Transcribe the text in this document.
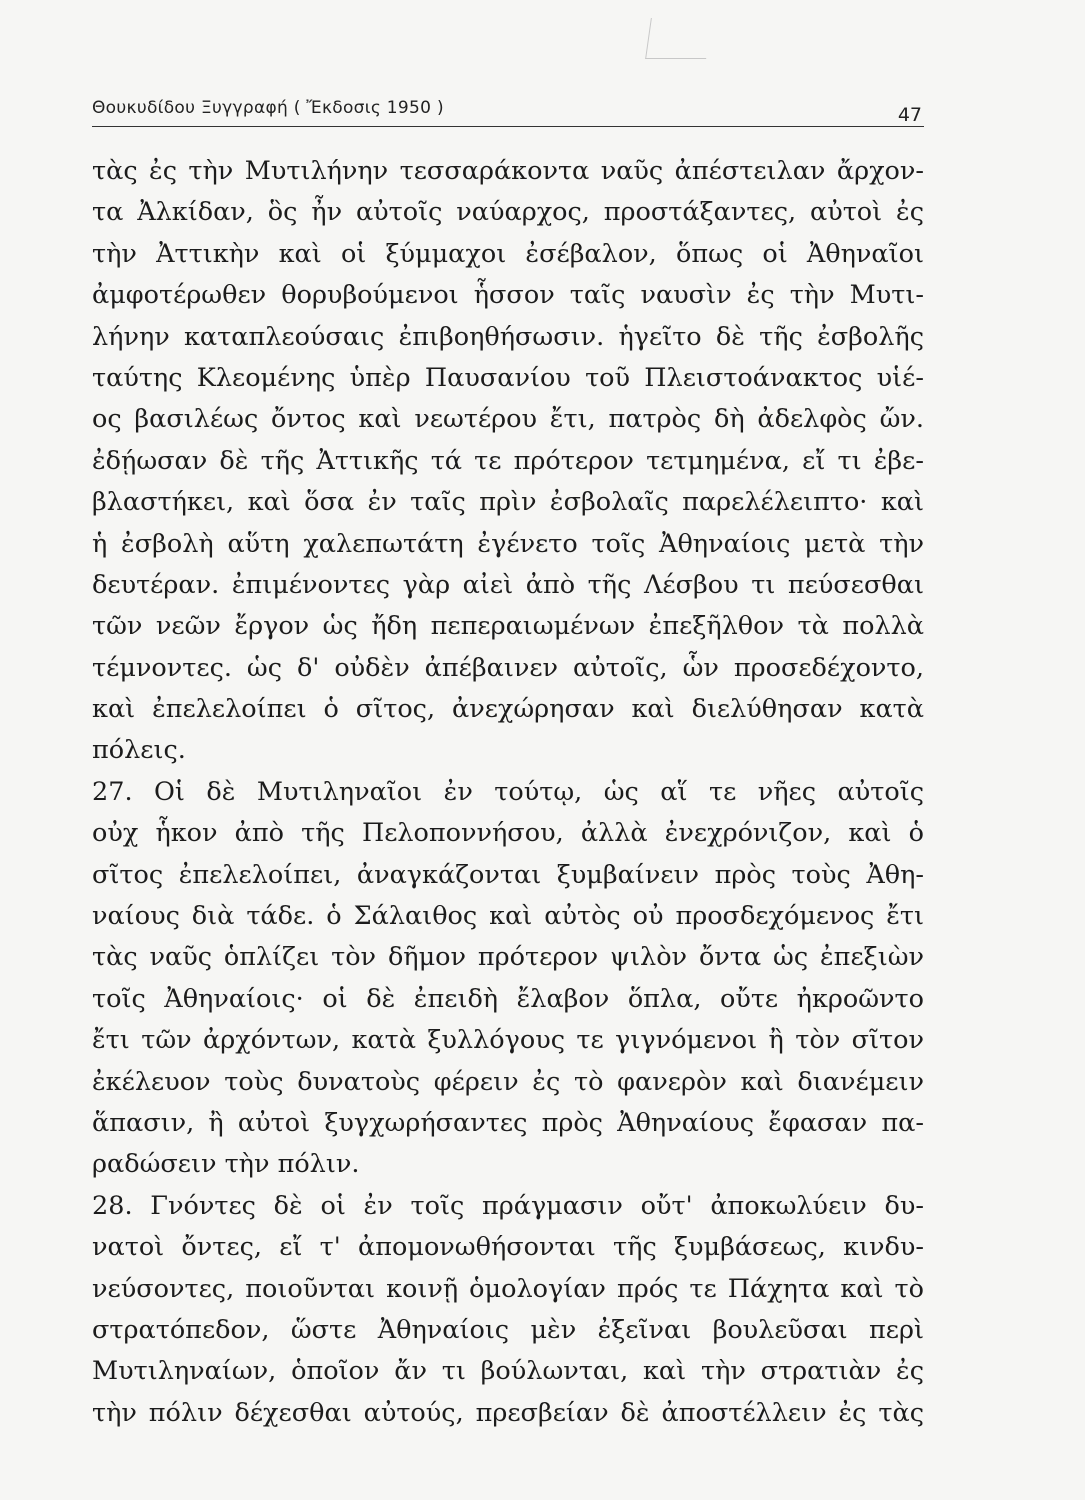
Θουκυδίδου Ξυγγραφή ( Ἔκδοσις 1950 )	47
τὰς ἐς τὴν Μυτιλήνην τεσσαράκοντα ναῦς ἀπέστειλαν ἄρχον-
τα Ἀλκίδαν, ὃς ἦν αὐτοῖς ναύαρχος, προστάξαντες, αὐτοὶ ἐς
τὴν Ἀττικὴν καὶ οἱ ξύμμαχοι ἐσέβαλον, ὅπως οἱ Ἀθηναῖοι
ἀμφοτέρωθεν θορυβούμενοι ἧσσον ταῖς ναυσὶν ἐς τὴν Μυτι-
λήνην καταπλεούσαις ἐπιβοηθήσωσιν. ἡγεῖτο δὲ τῆς ἐσβολῆς
ταύτης Κλεομένης ὑπὲρ Παυσανίου τοῦ Πλειστοάνακτος υἱέ-
ος βασιλέως ὄντος καὶ νεωτέρου ἔτι, πατρὸς δὴ ἀδελφὸς ὤν.
ἐδῄωσαν δὲ τῆς Ἀττικῆς τά τε πρότερον τετμημένα, εἴ τι ἐβε-
βλαστήκει, καὶ ὅσα ἐν ταῖς πρὶν ἐσβολαῖς παρελέλειπτο· καὶ
ἡ ἐσβολὴ αὕτη χαλεπωτάτη ἐγένετο τοῖς Ἀθηναίοις μετὰ τὴν
δευτέραν. ἐπιμένοντες γὰρ αἰεὶ ἀπὸ τῆς Λέσβου τι πεύσεσθαι
τῶν νεῶν ἔργον ὡς ἤδη πεπεραιωμένων ἐπεξῆλθον τὰ πολλὰ
τέμνοντες. ὡς δ' οὐδὲν ἀπέβαινεν αὐτοῖς, ὧν προσεδέχοντο,
καὶ ἐπελελοίπει ὁ σῖτος, ἀνεχώρησαν καὶ διελύθησαν κατὰ
πόλεις.
27. Οἱ δὲ Μυτιληναῖοι ἐν τούτῳ, ὡς αἵ τε νῆες αὐτοῖς
οὐχ ἧκον ἀπὸ τῆς Πελοποννήσου, ἀλλὰ ἐνεχρόνιζον, καὶ ὁ
σῖτος ἐπελελοίπει, ἀναγκάζονται ξυμβαίνειν πρὸς τοὺς Ἀθη-
ναίους διὰ τάδε. ὁ Σάλαιθος καὶ αὐτὸς οὐ προσδεχόμενος ἔτι
τὰς ναῦς ὁπλίζει τὸν δῆμον πρότερον ψιλὸν ὄντα ὡς ἐπεξιὼν
τοῖς Ἀθηναίοις· οἱ δὲ ἐπειδὴ ἔλαβον ὅπλα, οὔτε ἠκροῶντο
ἔτι τῶν ἀρχόντων, κατὰ ξυλλόγους τε γιγνόμενοι ἢ τὸν σῖτον
ἐκέλευον τοὺς δυνατοὺς φέρειν ἐς τὸ φανερὸν καὶ διανέμειν
ἅπασιν, ἢ αὐτοὶ ξυγχωρήσαντες πρὸς Ἀθηναίους ἔφασαν πα-
ραδώσειν τὴν πόλιν.
28. Γνόντες δὲ οἱ ἐν τοῖς πράγμασιν οὔτ' ἀποκωλύειν δυ-
νατοὶ ὄντες, εἴ τ' ἀπομονωθήσονται τῆς ξυμβάσεως, κινδυ-
νεύσοντες, ποιοῦνται κοινῇ ὁμολογίαν πρός τε Πάχητα καὶ τὸ
στρατόπεδον, ὥστε Ἀθηναίοις μὲν ἐξεῖναι βουλεῦσαι περὶ
Μυτιληναίων, ὁποῖον ἄν τι βούλωνται, καὶ τὴν στρατιὰν ἐς
τὴν πόλιν δέχεσθαι αὐτούς, πρεσβείαν δὲ ἀποστέλλειν ἐς τὰς
